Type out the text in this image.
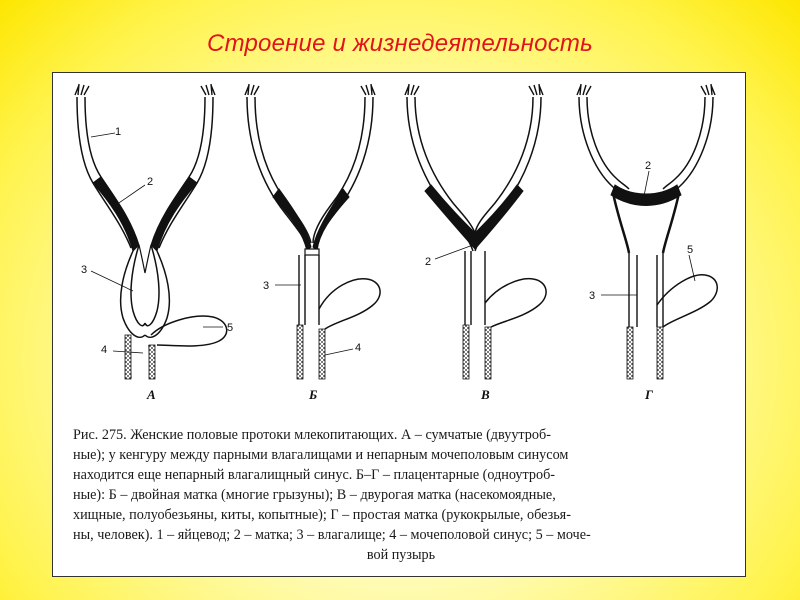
Строение и жизнедеятельность
1
2
3
4
5
А
3
4
Б
2
В
2
5
3
Г
Рис. 275. Женские половые протоки млекопитающих. А – сумчатые (двуутроб-
ные); у кенгуру между парными влагалищами и непарным мочеполовым синусом
находится еще непарный влагалищный синус. Б–Г – плацентарные (одноутроб-
ные): Б – двойная матка (многие грызуны); В – двурогая матка (насекомоядные,
хищные, полуобезьяны, киты, копытные); Г – простая матка (рукокрылые, обезья-
ны, человек). 1 – яйцевод; 2 – матка; 3 – влагалище; 4 – мочеполовой синус; 5 – моче-
вой пузырь
